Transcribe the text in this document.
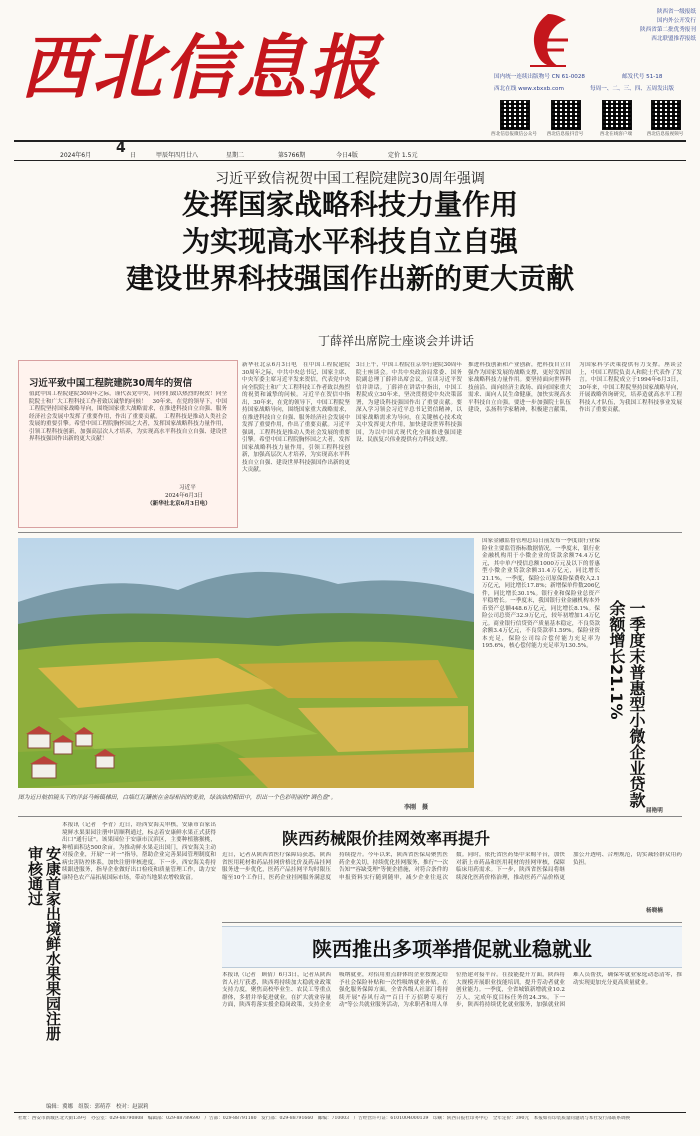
西北信息报
陕西省一级报纸
国内外公开发行
陕西省第二批优秀报刊
西北联盟推荐报纸
国内统一连续出版物号 CN 61-0028	邮发代号 51-18
西北在线 www.xbxxb.com	每周一、二、三、四、五周发出版
西北信息报微信公众号	西北信息报抖音号	西北在线客户端	西北信息报视频号
2024年6月 4 日	甲辰年四月廿八	星期二	第5766期	今日4版	定价 1.5元
习近平致信祝贺中国工程院建院30周年强调
发挥国家战略科技力量作用
为实现高水平科技自立自强
建设世界科技强国作出新的更大贡献
丁薛祥出席院士座谈会并讲话
习近平致中国工程院建院30周年的贺信
值此中国工程院建院30周年之际，谨代表党中央，向你们致以热烈的祝贺！向全院院士和广大工程科技工作者致以诚挚的问候！　30年来，在党的领导下，中国工程院坚持国家战略导向，围绕国家重大战略需求，在推进科技自立自强、服务经济社会发展中发挥了重要作用，作出了重要贡献。　工程科技是推动人类社会发展的重要引擎。希望中国工程院胸怀国之大者，发挥国家战略科技力量作用，引领工程科技创新，加强高层次人才培养，为实现高水平科技自立自强、建设世界科技强国作出新的更大贡献！
习近平
2024年6月3日
（新华社北京6月3日电）
新华社北京6月3日电　在中国工程院建院30周年之际，中共中央总书记、国家主席、中央军委主席习近平发来贺信，代表党中央向全院院士和广大工程科技工作者致以热烈的祝贺和诚挚的问候。习近平在贺信中指出，30年来，在党的领导下，中国工程院坚持国家战略导向，围绕国家重大战略需求，在推进科技自立自强、服务经济社会发展中发挥了重要作用，作出了重要贡献。习近平强调，工程科技是推动人类社会发展的重要引擎。希望中国工程院胸怀国之大者，发挥国家战略科技力量作用，引领工程科技创新，加强高层次人才培养，为实现高水平科技自立自强、建设世界科技强国作出新的更大贡献。
3日上午，中国工程院在京举行建院30周年院士座谈会。中共中央政治局常委、国务院副总理丁薛祥出席会议，宣读习近平贺信并讲话。丁薛祥在讲话中指出，中国工程院成立30年来，坚决贯彻党中央决策部署，为建设科技强国作出了重要贡献。要深入学习领会习近平总书记贺信精神，以国家战略需求为导向，在关键核心技术攻关中发挥更大作用，加快建设世界科技强国，为以中国式现代化全面推进强国建设、民族复兴伟业提供有力科技支撑。
推进科技创新和产业创新，把科技自立自强作为国家发展的战略支撑，更好发挥国家战略科技力量作用。要坚持面向世界科技前沿、面向经济主战场、面向国家重大需求、面向人民生命健康，加快实现高水平科技自立自强。要进一步加强院士队伍建设，弘扬科学家精神，积极建言献策，为国家科学决策提供有力支撑。座谈会上，中国工程院负责人和院士代表作了发言。中国工程院成立于1994年6月3日，30年来，中国工程院坚持国家战略导向，开展战略咨询研究，培养造就高水平工程科技人才队伍，为我国工程科技事业发展作出了重要贡献。
图为近日航拍镜头下的洋县马畅镇梯田，白墙红瓦镶嵌在金绿相间的麦浪，绿油油的稻田中，织出一个色彩明丽的"调色盘"。
李刚　摄
国家金融监督管理总局日前发布一季度银行业保险业主要监管指标数据情况。一季度末，银行业金融机构用于小微企业的贷款余额74.4万亿元，其中单户授信总额1000万元及以下的普惠型小微企业贷款余额31.4万亿元，同比增长21.1%。一季度，保险公司原保险保费收入2.1万亿元，同比增长17.8%；新增保单件数206亿件，同比增长30.1%。银行业和保险业总资产平稳增长。一季度末，我国银行业金融机构本外币资产总额448.6万亿元，同比增长8.1%。保险公司总资产32.9万亿元，较年初增加1.4万亿元。商业银行信贷资产质量基本稳定，不良贷款余额3.4万亿元，不良贷款率1.59%。保险业资本充足，保险公司综合偿付能力充足率为195.6%，核心偿付能力充足率为130.5%。	一季度末普惠型小微企业贷款余额增长21.1%
屈艳明
安康首家出境鲜水果果园注册审核通过
本报讯（记者　李青）近日，经西安海关审核，安康市首家出境鲜水果果园注册申请顺利通过，标志着安康鲜水果正式获得出口"通行证"。该果园位于安康市汉滨区，主要种植猕猴桃，种植面积达500余亩。为推动鲜水果走出国门，西安海关主动对接企业，开展"一对一"指导，帮助企业完善果园管理制度和病虫害防控体系，加快注册审核进度。下一步，西安海关将持续跟进服务，指导企业做好出口检疫和质量管理工作，助力安康特色农产品拓展国际市场，带动当地果农增收致富。
编辑：冀娜　组版：郭萌荐　校对：赵淑莉
陕西药械限价挂网效率再提升
近日，记者从陕西省医疗保障局获悉，陕西省医用耗材和药品挂网价格比价及药品挂网服务进一步优化，医药产品挂网平均时限压缩至10个工作日，医药企业挂网服务满意度持续提升。今年以来，陕西省医保局聚焦医药企业关切，持续优化挂网服务，推行"一次告知""容缺受理"等便企措施，对符合条件的申报资料实行随到随审，减少企业往返次数。同时，依托省医药集中采购平台，加快对新上市药品和医用耗材的挂网审核，保障临床用药需求。下一步，陕西省医保局将继续深化医药价格治理，推动医药产品价格更加公开透明、合理规范，切实减轻群众用药负担。
杨晓楠
陕西推出多项举措促就业稳就业
本报讯（记者　顾倩）6月3日，记者从陕西省人社厅获悉，陕西将持续加大稳就业政策支持力度，聚焦高校毕业生、农民工等重点群体，多措并举促进就业。在扩大就业容量方面，陕西将落实援企稳岗政策，支持企业吸纳就业，对招用重点群体的企业按规定给予社会保险补贴和一次性吸纳就业补贴。在强化服务保障方面，全省各级人社部门将持续开展"春风行动""百日千万招聘专项行动"等公共就业服务活动，为求职者和用人单位搭建对接平台。在技能提升方面，陕西将大规模开展职业技能培训，提升劳动者就业创业能力。一季度，全省城镇新增就业10.2万人，完成年度目标任务的24.3%。下一步，陕西将持续优化就业服务，加强就业困难人员帮扶，确保零就业家庭动态清零，推动实现更加充分更高质量就业。
社址：西安市新城区北大街139号　办公室：029-88790808　编辑部：029-88789690　广告部：029-88791180　发行部：029-88791660　邮编：710003　广告经营许可证：6101004000139　印刷：陕西日报社印务中心　全年定价：390元　本报如有印装质量问题请与本社发行部联系调换
